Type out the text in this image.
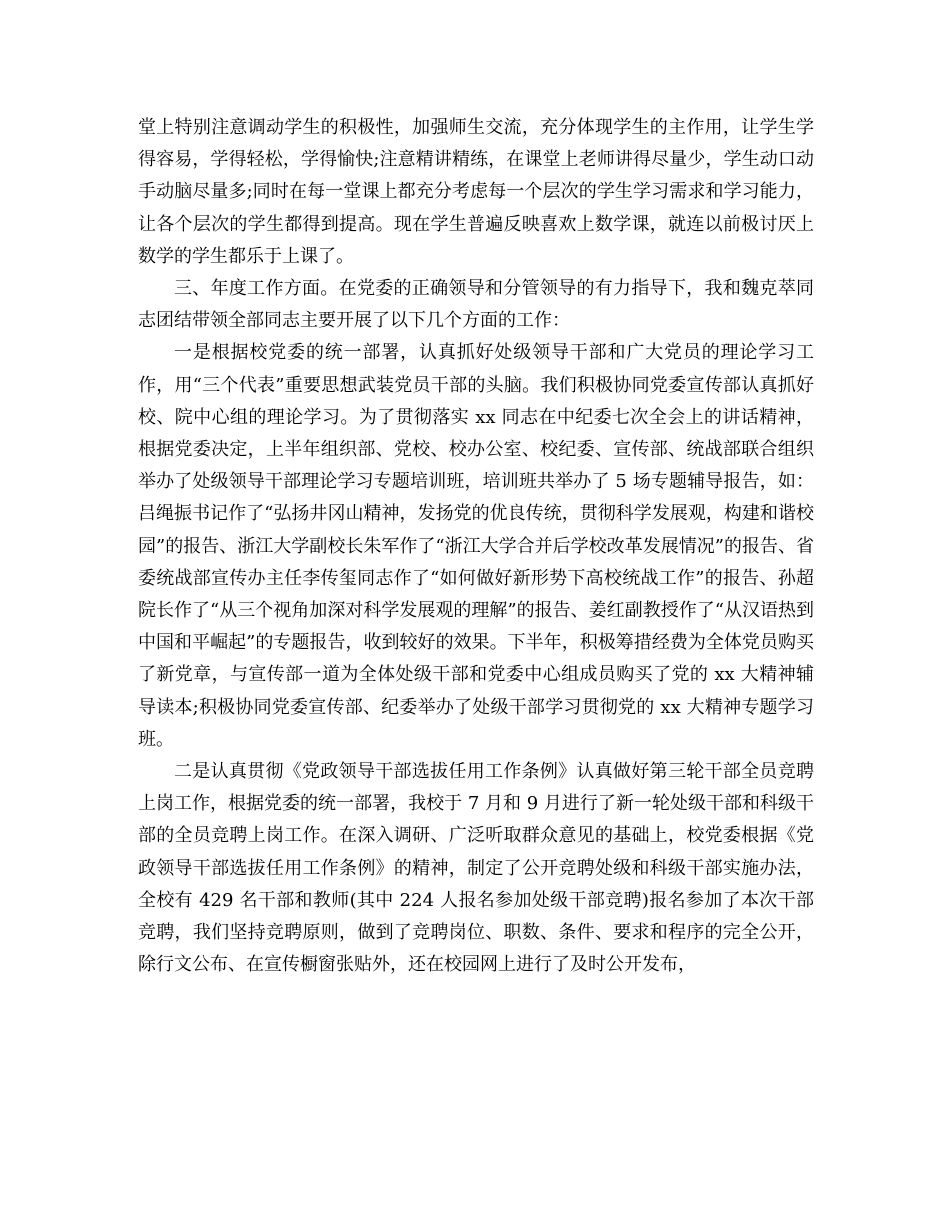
堂上特别注意调动学生的积极性，加强师生交流，充分体现学生的主作用，让学生学得容易，学得轻松，学得愉快;注意精讲精练，在课堂上老师讲得尽量少，学生动口动手动脑尽量多;同时在每一堂课上都充分考虑每一个层次的学生学习需求和学习能力，让各个层次的学生都得到提高。现在学生普遍反映喜欢上数学课，就连以前极讨厌上数学的学生都乐于上课了。

三、年度工作方面。在党委的正确领导和分管领导的有力指导下，我和魏克萃同志团结带领全部同志主要开展了以下几个方面的工作：

一是根据校党委的统一部署，认真抓好处级领导干部和广大党员的理论学习工作，用“三个代表”重要思想武装党员干部的头脑。我们积极协同党委宣传部认真抓好校、院中心组的理论学习。为了贯彻落实 xx 同志在中纪委七次全会上的讲话精神，根据党委决定，上半年组织部、党校、校办公室、校纪委、宣传部、统战部联合组织举办了处级领导干部理论学习专题培训班，培训班共举办了 5 场专题辅导报告，如：吕绳振书记作了“弘扬井冈山精神，发扬党的优良传统，贯彻科学发展观，构建和谐校园”的报告、浙江大学副校长朱军作了“浙江大学合并后学校改革发展情况”的报告、省委统战部宣传办主任李传玺同志作了“如何做好新形势下高校统战工作”的报告、孙超院长作了“从三个视角加深对科学发展观的理解”的报告、姜红副教授作了“从汉语热到中国和平崛起”的专题报告，收到较好的效果。下半年，积极筹措经费为全体党员购买了新党章，与宣传部一道为全体处级干部和党委中心组成员购买了党的 xx 大精神辅导读本;积极协同党委宣传部、纪委举办了处级干部学习贯彻党的 xx 大精神专题学习班。

二是认真贯彻《党政领导干部选拔任用工作条例》认真做好第三轮干部全员竞聘上岗工作，根据党委的统一部署，我校于 7 月和 9 月进行了新一轮处级干部和科级干部的全员竞聘上岗工作。在深入调研、广泛听取群众意见的基础上，校党委根据《党政领导干部选拔任用工作条例》的精神，制定了公开竞聘处级和科级干部实施办法，全校有 429 名干部和教师(其中 224 人报名参加处级干部竞聘)报名参加了本次干部竞聘，我们坚持竞聘原则，做到了竞聘岗位、职数、条件、要求和程序的完全公开，除行文公布、在宣传橱窗张贴外，还在校园网上进行了及时公开发布，
